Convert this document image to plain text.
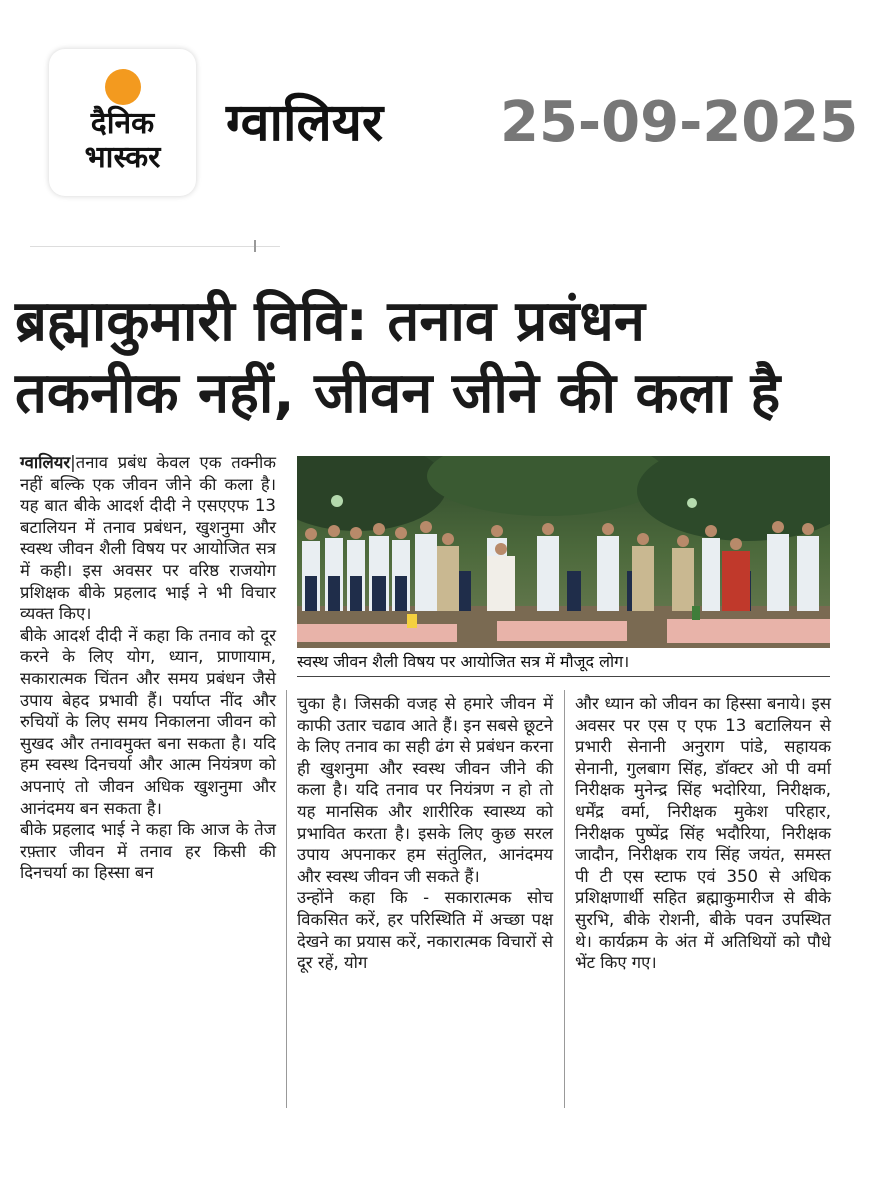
दैनिक
भास्कर
ग्वालियर 25-09-2025
ब्रह्माकुमारी विवि: तनाव प्रबंधन
तकनीक नहीं, जीवन जीने की कला है

ग्वालियर|तनाव प्रबंध केवल एक तक्नीक नहीं बल्कि एक जीवन जीने की कला है। यह बात बीके आदर्श दीदी ने एसएएफ 13 बटालियन में तनाव प्रबंधन, खुशनुमा और स्वस्थ जीवन शैली विषय पर आयोजित सत्र में कही। इस अवसर पर वरिष्ठ राजयोग प्रशिक्षक बीके प्रहलाद भाई ने भी विचार व्यक्त किए।

बीके आदर्श दीदी नें कहा कि तनाव को दूर करने के लिए योग, ध्यान, प्राणायाम, सकारात्मक चिंतन और समय प्रबंधन जैसे उपाय बेहद प्रभावी हैं। पर्याप्त नींद और रुचियों के लिए समय निकालना जीवन को सुखद और तनावमुक्त बना सकता है। यदि हम स्वस्थ दिनचर्या और आत्म नियंत्रण को अपनाएं तो जीवन अधिक खुशनुमा और आनंदमय बन सकता है।

बीके प्रहलाद भाई ने कहा कि आज के तेज रफ़्तार जीवन में तनाव हर किसी की दिनचर्या का हिस्सा बन

स्वस्थ जीवन शैली विषय पर आयोजित सत्र में मौजूद लोग।

चुका है। जिसकी वजह से हमारे जीवन में काफी उतार चढाव आते हैं। इन सबसे छूटने के लिए तनाव का सही ढंग से प्रबंधन करना ही खुशनुमा और स्वस्थ जीवन जीने की कला है। यदि तनाव पर नियंत्रण न हो तो यह मानसिक और शारीरिक स्वास्थ्य को प्रभावित करता है। इसके लिए कुछ सरल उपाय अपनाकर हम संतुलित, आनंदमय और स्वस्थ जीवन जी सकते हैं।

उन्होंने कहा कि - सकारात्मक सोच विकसित करें, हर परिस्थिति में अच्छा पक्ष देखने का प्रयास करें, नकारात्मक विचारों से दूर रहें, योग

और ध्यान को जीवन का हिस्सा बनाये। इस अवसर पर एस ए एफ 13 बटालियन से प्रभारी सेनानी अनुराग पांडे, सहायक सेनानी, गुलबाग सिंह, डॉक्टर ओ पी वर्मा निरीक्षक मुनेन्द्र सिंह भदोरिया, निरीक्षक, धर्मेंद्र वर्मा, निरीक्षक मुकेश परिहार, निरीक्षक पुष्पेंद्र सिंह भदौरिया, निरीक्षक जादौन, निरीक्षक राय सिंह जयंत, समस्त पी टी एस स्टाफ एवं 350 से अधिक प्रशिक्षणार्थी सहित ब्रह्माकुमारीज से बीके सुरभि, बीके रोशनी, बीके पवन उपस्थित थे। कार्यक्रम के अंत में अतिथियों को पौधे भेंट किए गए।
